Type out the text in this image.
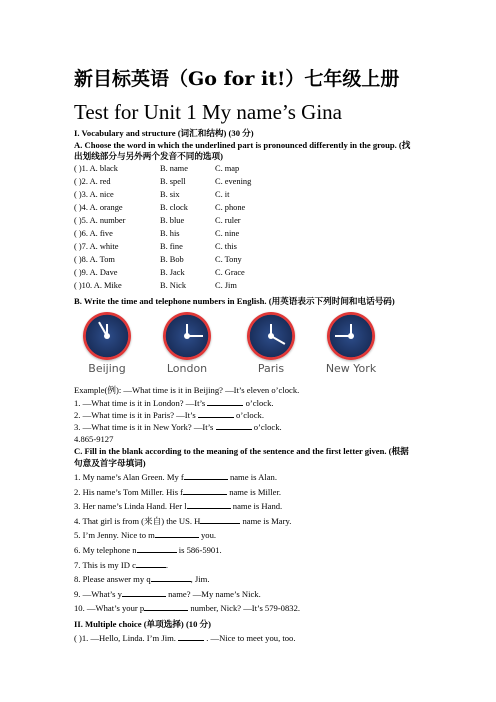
新目标英语（Go for it!）七年级上册
Test for Unit 1 My name’s Gina
I. Vocabulary and structure (词汇和结构) (30 分)
A. Choose the word in which the underlined part is pronounced differently in the group. (找
出划线部分与另外两个发音不同的选项)
( )1. A. black	B. name	C. map
( )2. A. red	B. spell	C. evening
( )3. A. nice	B. six	C. it
( )4. A. orange	B. clock	C. phone
( )5. A. number	B. blue	C. ruler
( )6. A. five	B. his	C. nine
( )7. A. white	B. fine	C. this
( )8. A. Tom	B. Bob	C. Tony
( )9. A. Dave	B. Jack	C. Grace
( )10. A. Mike	B. Nick	C. Jim
B. Write the time and telephone numbers in English. (用英语表示下列时间和电话号码)
Beijing	London	Paris	New York
Example(例): —What time is it in Beijing? —It’s eleven o’clock.
1. —What time is it in London? —It’s	o’clock.
2. —What time is it in Paris? —It’s	o’clock.
3. —What time is it in New York? —It’s	o’clock.
4.865-9127
C. Fill in the blank according to the meaning of the sentence and the first letter given. (根据
句意及首字母填词)
1. My name’s Alan Green. My f	name is Alan.
2. His name’s Tom Miller. His f	name is Miller.
3. Her name’s Linda Hand. Her l	name is Hand.
4. That girl is from (来自) the US. H	name is Mary.
5. I’m Jenny. Nice to m	you.
6. My telephone n	is 586-5901.
7. This is my ID c	.
8. Please answer my q	, Jim.
9. —What’s y	name? —My name’s Nick.
10. —What’s your p	number, Nick? —It’s 579-0832.
II. Multiple choice (单项选择) (10 分)
( )1. —Hello, Linda. I’m Jim.	. —Nice to meet you, too.
